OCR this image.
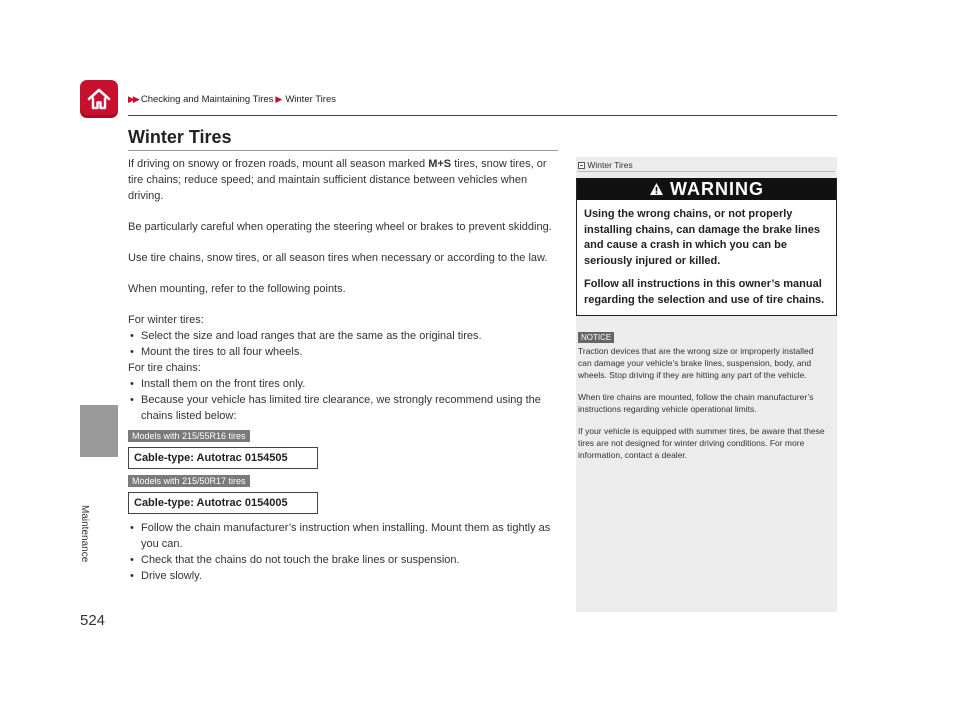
▶▶ Checking and Maintaining Tires ▶ Winter Tires
Maintenance
524
Winter Tires

If driving on snowy or frozen roads, mount all season marked M+S tires, snow tires, or tire chains; reduce speed; and maintain sufficient distance between vehicles when driving.

Be particularly careful when operating the steering wheel or brakes to prevent skidding.

Use tire chains, snow tires, or all season tires when necessary or according to the law.

When mounting, refer to the following points.

For winter tires:
• Select the size and load ranges that are the same as the original tires.
• Mount the tires to all four wheels.
For tire chains:
• Install them on the front tires only.
• Because your vehicle has limited tire clearance, we strongly recommend using the chains listed below:
Models with 215/55R16 tires
Cable-type: Autotrac 0154505
Models with 215/50R17 tires
Cable-type: Autotrac 0154005
• Follow the chain manufacturer’s instruction when installing. Mount them as tightly as you can.
• Check that the chains do not touch the brake lines or suspension.
• Drive slowly.
Winter Tires
WARNING

Using the wrong chains, or not properly installing chains, can damage the brake lines and cause a crash in which you can be seriously injured or killed.

Follow all instructions in this owner’s manual regarding the selection and use of tire chains.

NOTICE

Traction devices that are the wrong size or improperly installed can damage your vehicle’s brake lines, suspension, body, and wheels. Stop driving if they are hitting any part of the vehicle.

When tire chains are mounted, follow the chain manufacturer’s instructions regarding vehicle operational limits.

If your vehicle is equipped with summer tires, be aware that these tires are not designed for winter driving conditions. For more information, contact a dealer.
